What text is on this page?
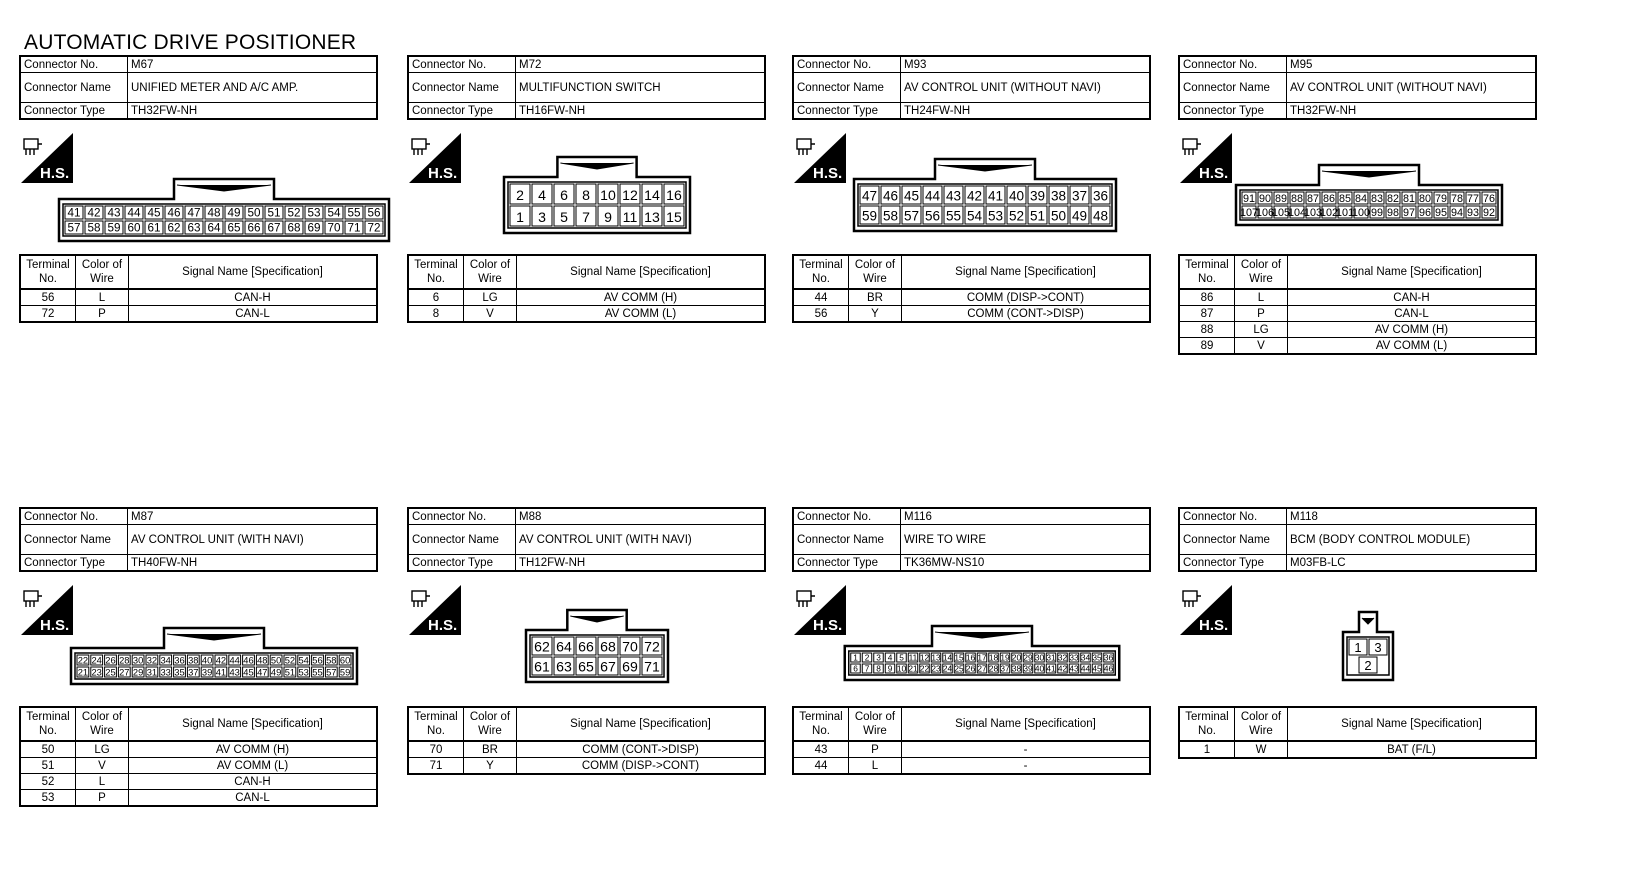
AUTOMATIC DRIVE POSITIONER
Connector No.	M67
Connector Name	UNIFIED METER AND A/C AMP.
Connector Type	TH32FW-NH
H.S.
41 42 43 44 45 46 47 48 49 50 51 52 53 54 55 56
57 58 59 60 61 62 63 64 65 66 67 68 69 70 71 72
Terminal No.	Color of Wire	Signal Name [Specification]
56	L	CAN-H
72	P	CAN-L
Connector No.	M72
Connector Name	MULTIFUNCTION SWITCH
Connector Type	TH16FW-NH
H.S.
2 4 6 8 10 12 14 16
1 3 5 7 9 11 13 15
Terminal No.	Color of Wire	Signal Name [Specification]
6	LG	AV COMM (H)
8	V	AV COMM (L)
Connector No.	M93
Connector Name	AV CONTROL UNIT (WITHOUT NAVI)
Connector Type	TH24FW-NH
H.S.
47 46 45 44 43 42 41 40 39 38 37 36
59 58 57 56 55 54 53 52 51 50 49 48
Terminal No.	Color of Wire	Signal Name [Specification]
44	BR	COMM (DISP->CONT)
56	Y	COMM (CONT->DISP)
Connector No.	M95
Connector Name	AV CONTROL UNIT (WITHOUT NAVI)
Connector Type	TH32FW-NH
H.S.
91 90 89 88 87 86 85 84 83 82 81 80 79 78 77 76
107
106
105
104
103
102
101
100 99 98 97 96 95 94 93 92
Terminal No.	Color of Wire	Signal Name [Specification]
86	L	CAN-H
87	P	CAN-L
88	LG	AV COMM (H)
89	V	AV COMM (L)
Connector No.	M87
Connector Name	AV CONTROL UNIT (WITH NAVI)
Connector Type	TH40FW-NH
H.S.
22 24 26 28 30 32 34 36 38 40 42 44 46 48 50 52 54 56 58 60
21 23 25 27 29 31 33 35 37 39 41 43 45 47 49 51 53 55 57 59
Terminal No.	Color of Wire	Signal Name [Specification]
50	LG	AV COMM (H)
51	V	AV COMM (L)
52	L	CAN-H
53	P	CAN-L
Connector No.	M88
Connector Name	AV CONTROL UNIT (WITH NAVI)
Connector Type	TH12FW-NH
H.S.
62 64 66 68 70 72
61 63 65 67 69 71
Terminal No.	Color of Wire	Signal Name [Specification]
70	BR	COMM (CONT->DISP)
71	Y	COMM (DISP->CONT)
Connector No.	M116
Connector Name	WIRE TO WIRE
Connector Type	TK36MW-NS10
H.S.
1 2 3 4 5 11 12 13 14 15 16 17 18 19 20 29 30 31 32 33 34 35 36
6 7 8 9 10 21 22 23 24 25 26 27 28 37 38 39 40 41 42 43 44 45 46
Terminal No.	Color of Wire	Signal Name [Specification]
43	P	-
44	L	-
Connector No.	M118
Connector Name	BCM (BODY CONTROL MODULE)
Connector Type	M03FB-LC
H.S.
1 3
2
Terminal No.	Color of Wire	Signal Name [Specification]
1	W	BAT (F/L)
